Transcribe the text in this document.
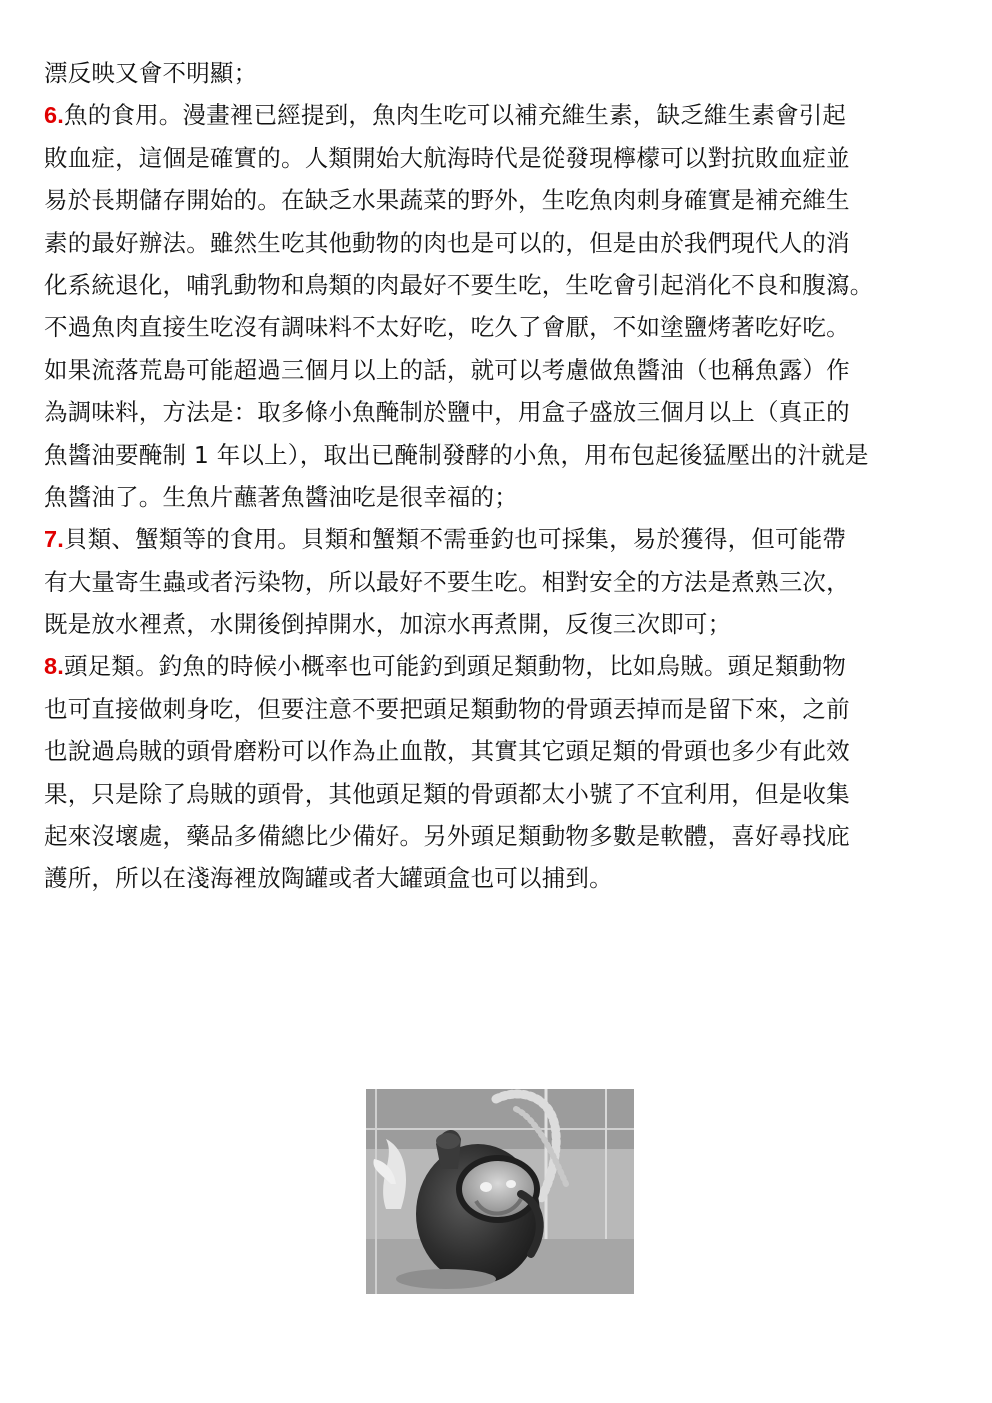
漂反映又會不明顯；
6.魚的食用。漫畫裡已經提到，魚肉生吃可以補充維生素，缺乏維生素會引起
敗血症，這個是確實的。人類開始大航海時代是從發現檸檬可以對抗敗血症並
易於長期儲存開始的。在缺乏水果蔬菜的野外，生吃魚肉刺身確實是補充維生
素的最好辦法。雖然生吃其他動物的肉也是可以的，但是由於我們現代人的消
化系統退化，哺乳動物和鳥類的肉最好不要生吃，生吃會引起消化不良和腹瀉。
不過魚肉直接生吃沒有調味料不太好吃，吃久了會厭，不如塗鹽烤著吃好吃。
如果流落荒島可能超過三個月以上的話，就可以考慮做魚醬油（也稱魚露）作
為調味料，方法是：取多條小魚醃制於鹽中，用盒子盛放三個月以上（真正的
魚醬油要醃制 1 年以上），取出已醃制發酵的小魚，用布包起後猛壓出的汁就是
魚醬油了。生魚片蘸著魚醬油吃是很幸福的；
7.貝類、蟹類等的食用。貝類和蟹類不需垂釣也可採集，易於獲得，但可能帶
有大量寄生蟲或者污染物，所以最好不要生吃。相對安全的方法是煮熟三次，
既是放水裡煮，水開後倒掉開水，加涼水再煮開，反復三次即可；
8.頭足類。釣魚的時候小概率也可能釣到頭足類動物，比如烏賊。頭足類動物
也可直接做刺身吃，但要注意不要把頭足類動物的骨頭丟掉而是留下來，之前
也說過烏賊的頭骨磨粉可以作為止血散，其實其它頭足類的骨頭也多少有此效
果，只是除了烏賊的頭骨，其他頭足類的骨頭都太小號了不宜利用，但是收集
起來沒壞處，藥品多備總比少備好。另外頭足類動物多數是軟體，喜好尋找庇
護所，所以在淺海裡放陶罐或者大罐頭盒也可以捕到。
